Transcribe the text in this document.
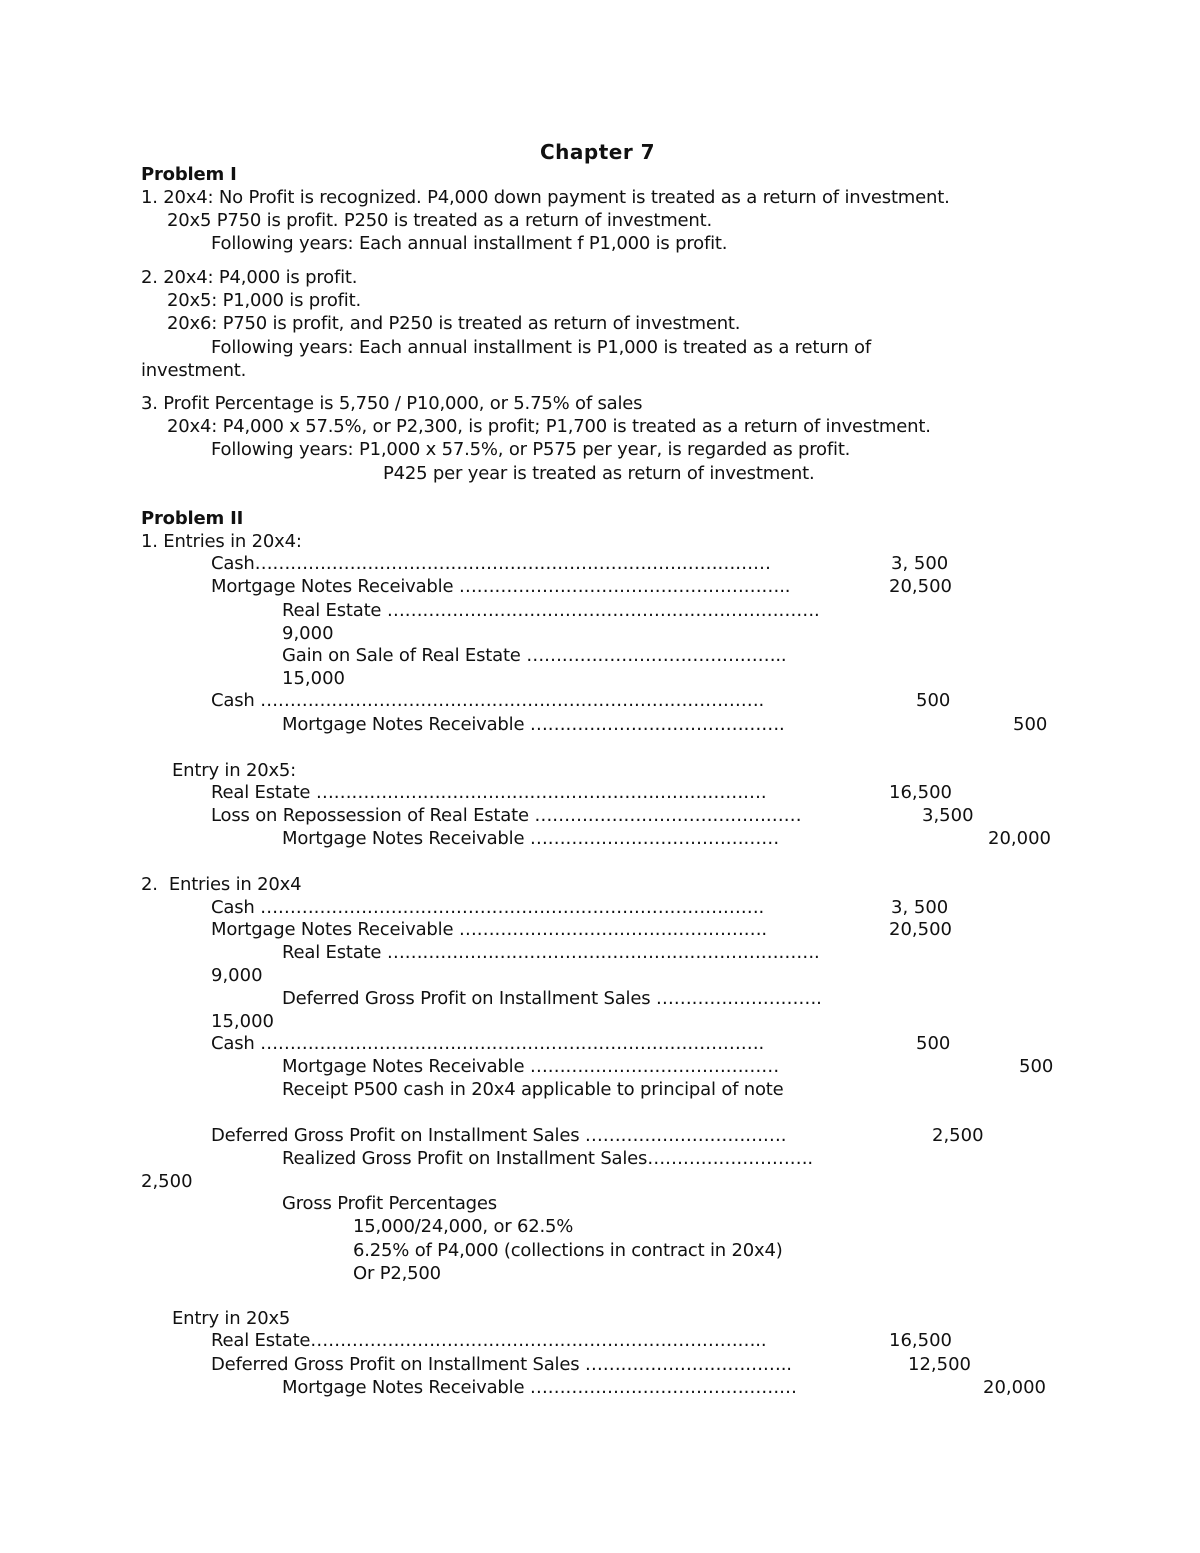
Chapter 7
Problem I
1. 20x4: No Profit is recognized. P4,000 down payment is treated as a return of investment.
20x5 P750 is profit. P250 is treated as a return of investment.
Following years: Each annual installment f P1,000 is profit.
2. 20x4: P4,000 is profit.
20x5: P1,000 is profit.
20x6: P750 is profit, and P250 is treated as return of investment.
Following years: Each annual installment is P1,000 is treated as a return of
investment.
3. Profit Percentage is 5,750 / P10,000, or 5.75% of sales
20x4: P4,000 x 57.5%, or P2,300, is profit; P1,700 is treated as a return of investment.
Following years: P1,000 x 57.5%, or P575 per year, is regarded as profit.
P425 per year is treated as return of investment.
Problem II
1. Entries in 20x4:
Cash……………………………………………………………………………	3, 500
Mortgage Notes Receivable ………………………………………………..	20,500
Real Estate ……………………………………………………………….
9,000
Gain on Sale of Real Estate ……………………………………..
15,000
Cash ………………………………………………………………………….	500
Mortgage Notes Receivable …………………………………….	500
Entry in 20x5:
Real Estate ………………………………………………………………….	16,500
Loss on Repossession of Real Estate ………………………………………	3,500
Mortgage Notes Receivable ……………………………………	20,000
2.  Entries in 20x4
Cash ………………………………………………………………………….	3, 500
Mortgage Notes Receivable …………………………………………….	20,500
Real Estate ……………………………………………………………….
9,000
Deferred Gross Profit on Installment Sales ……………………….
15,000
Cash ………………………………………………………………………….	500
Mortgage Notes Receivable ……………………………………	500
Receipt P500 cash in 20x4 applicable to principal of note
Deferred Gross Profit on Installment Sales …………………………….	2,500
Realized Gross Profit on Installment Sales……………………….
2,500
Gross Profit Percentages
15,000/24,000, or 62.5%
6.25% of P4,000 (collections in contract in 20x4)
Or P2,500
Entry in 20x5
Real Estate…………………………………………………………………..	16,500
Deferred Gross Profit on Installment Sales ……………………………..	12,500
Mortgage Notes Receivable ………………………………………	20,000
